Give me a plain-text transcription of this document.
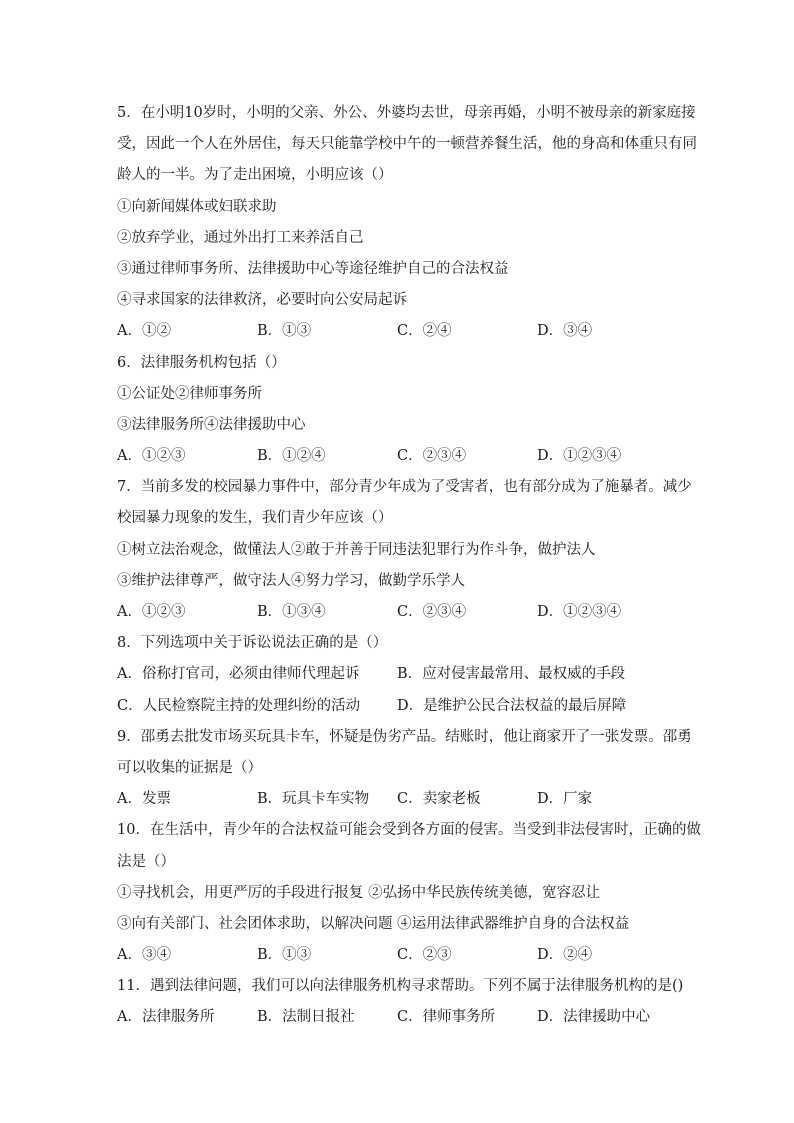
5．在小明10岁时，小明的父亲、外公、外婆均去世，母亲再婚，小明不被母亲的新家庭接
受，因此一个人在外居住，每天只能靠学校中午的一顿营养餐生活，他的身高和体重只有同
龄人的一半。为了走出困境，小明应该（）
①向新闻媒体或妇联求助
②放弃学业，通过外出打工来养活自己
③通过律师事务所、法律援助中心等途径维护自己的合法权益
④寻求国家的法律救济，必要时向公安局起诉
A．①②	B．①③	C．②④	D．③④
6．法律服务机构包括（）
①公证处②律师事务所
③法律服务所④法律援助中心
A．①②③	B．①②④	C．②③④	D．①②③④
7．当前多发的校园暴力事件中，部分青少年成为了受害者，也有部分成为了施暴者。减少
校园暴力现象的发生，我们青少年应该（）
①树立法治观念，做懂法人②敢于并善于同违法犯罪行为作斗争，做护法人
③维护法律尊严，做守法人④努力学习，做勤学乐学人
A．①②③	B．①③④	C．②③④	D．①②③④
8．下列选项中关于诉讼说法正确的是（）
A．俗称打官司，必须由律师代理起诉	B．应对侵害最常用、最权威的手段
C．人民检察院主持的处理纠纷的活动	D．是维护公民合法权益的最后屏障
9．邵勇去批发市场买玩具卡车，怀疑是伪劣产品。结账时，他让商家开了一张发票。邵勇
可以收集的证据是（）
A．发票	B．玩具卡车实物	C．卖家老板	D．厂家
10．在生活中，青少年的合法权益可能会受到各方面的侵害。当受到非法侵害时，正确的做
法是（）
①寻找机会，用更严厉的手段进行报复 ②弘扬中华民族传统美德，宽容忍让
③向有关部门、社会团体求助，以解决问题 ④运用法律武器维护自身的合法权益
A．③④	B．①③	C．②③	D．②④
11．遇到法律问题，我们可以向法律服务机构寻求帮助。下列不属于法律服务机构的是()
A．法律服务所	B．法制日报社	C．律师事务所	D．法律援助中心
